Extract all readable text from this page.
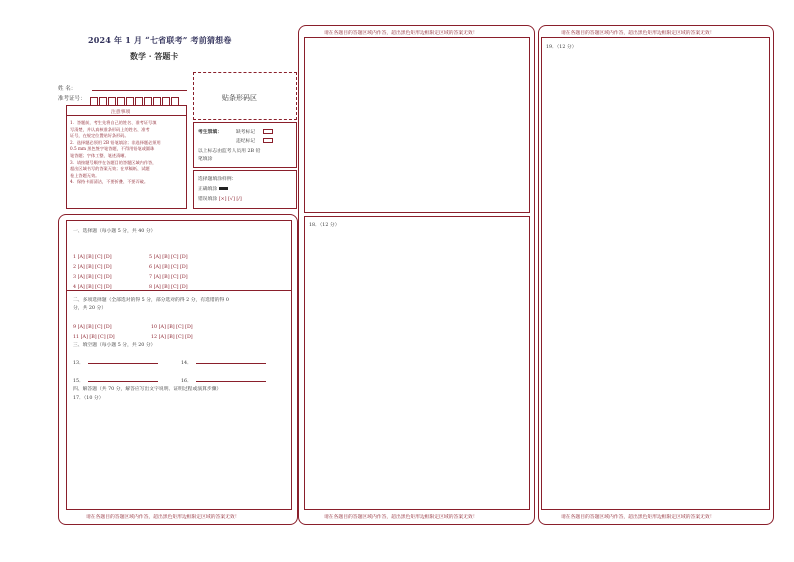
2024 年 1 月 “七省联考” 考前猜想卷
数学 · 答题卡
姓 名：
准考证号：	贴条形码区
注意事项
1．答题前，考生先将自己的姓名、准考证号填
写清楚，并认真核准条形码上的姓名、准考
证号，在规定位置贴好条形码。
2．选择题必须用 2B 铅笔填涂；非选择题必须用
0.5 mm 黑色签字笔答题，不得用铅笔或圆珠
笔答题；字体工整、笔迹清晰。
3．请按题号顺序在各题目的答题区域内作答，
超出区域书写的答案无效；在草稿纸、试题
卷上答题无效。
4．保持卡面清洁，不要折叠、不要弄破。
考生禁填：	缺考标记
违纪标记
以上标志由监考人员用 2B 铅
笔填涂
选择题填涂样例：
正确填涂
错误填涂 [×] [√] [/]
一、选择题（每小题 5 分，共 40 分）
1 [A] [B] [C] [D]	5 [A] [B] [C] [D]
2 [A] [B] [C] [D]	6 [A] [B] [C] [D]
3 [A] [B] [C] [D]	7 [A] [B] [C] [D]
4 [A] [B] [C] [D]	8 [A] [B] [C] [D]
二、多项选择题（全部选对的得 5 分，部分选对的得 2 分，有选错的得 0
分，共 20 分）
9 [A] [B] [C] [D]	10 [A] [B] [C] [D]
11 [A] [B] [C] [D]	12 [A] [B] [C] [D]
三、填空题（每小题 5 分，共 20 分）
13．	14．
15．	16．
四、解答题（共 70 分，解答应写出文字说明、证明过程或演算步骤）
17．（10 分）
请在各题目的答题区域内作答，超出黑色矩形边框限定区域的答案无效！
请在各题目的答题区域内作答，超出黑色矩形边框限定区域的答案无效！
18．（12 分）
请在各题目的答题区域内作答，超出黑色矩形边框限定区域的答案无效！
请在各题目的答题区域内作答，超出黑色矩形边框限定区域的答案无效！
19．（12 分）
请在各题目的答题区域内作答，超出黑色矩形边框限定区域的答案无效！
